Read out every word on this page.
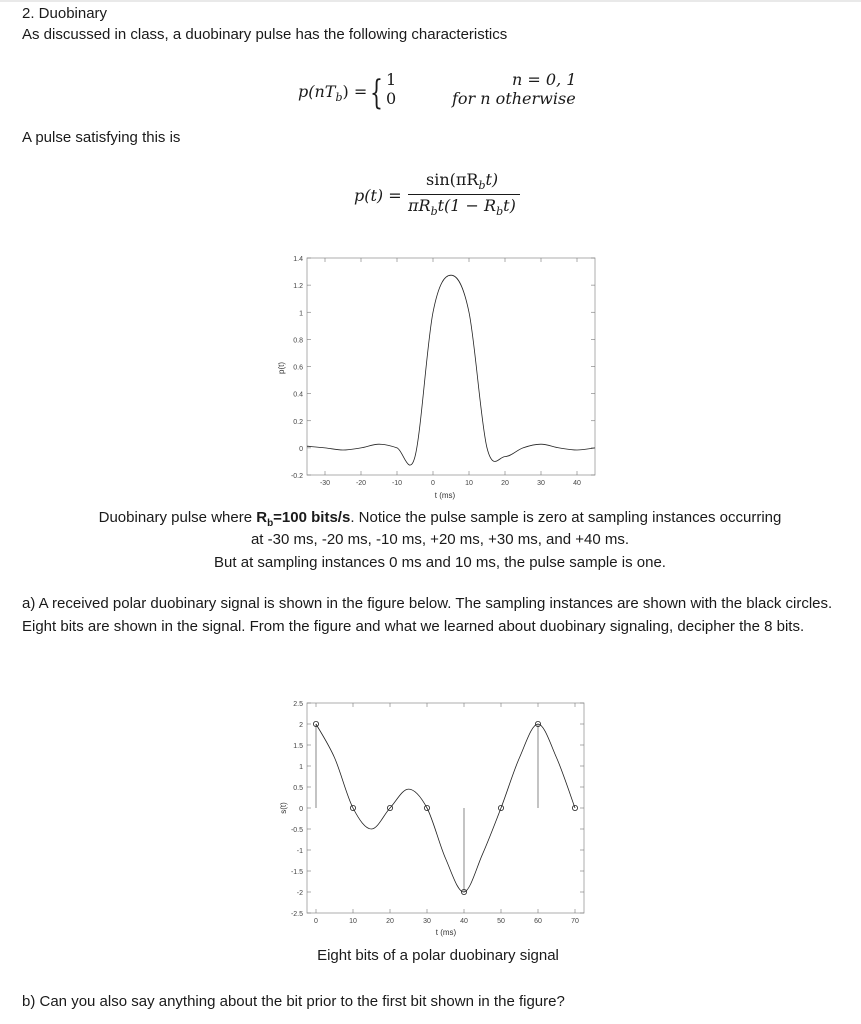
2. Duobinary
As discussed in class, a duobinary pulse has the following characteristics
$p(nT_b)$ = { 1
0
n = 0, 1
for n otherwise
A pulse satisfying this is
p(t) =
$\sin(\pi R_bt)$
$\pi R_bt(1 - R_bt)$
-0.2
0
0.2
0.4
0.6
0.8
1
1.2
1.4
-30	-20	-10	0	10	20	30	40
p(t)
t (ms)
Duobinary pulse where $R_b=100$ bits/s. Notice the pulse sample is zero at sampling instances occurring
at -30 ms, -20 ms, -10 ms, +20 ms, +30 ms, and +40 ms.
But at sampling instances 0 ms and 10 ms, the pulse sample is one.
a) A received polar duobinary signal is shown in the figure below. The sampling instances are shown with the black circles. Eight bits are shown in the signal. From the figure and what we learned about duobinary signaling, decipher the 8 bits.
-2.5
-2
-1.5
-1
-0.5
0
0.5
1
1.5
2
2.5
0	10	20	30	40	50	60	70
s(t)
t (ms)
Eight bits of a polar duobinary signal
b) Can you also say anything about the bit prior to the first bit shown in the figure?
